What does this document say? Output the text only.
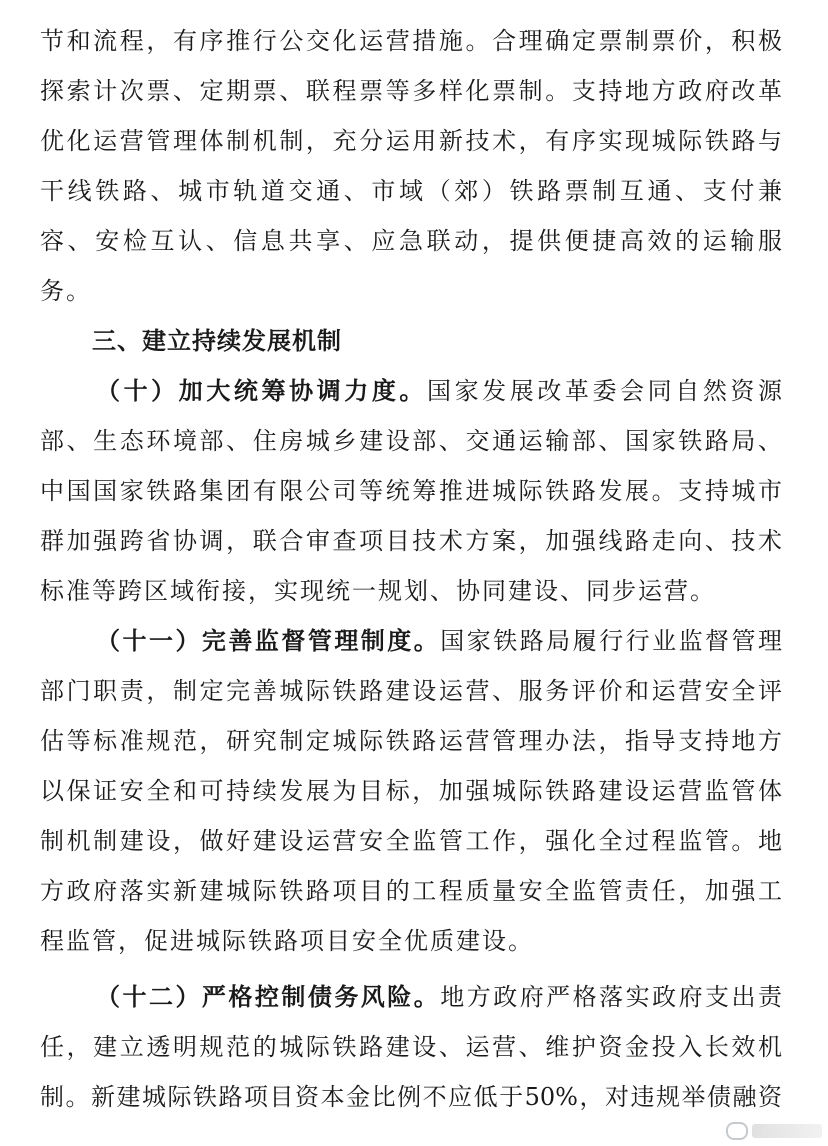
节和流程，有序推行公交化运营措施。合理确定票制票价，积极
探索计次票、定期票、联程票等多样化票制。支持地方政府改革
优化运营管理体制机制，充分运用新技术，有序实现城际铁路与
干线铁路、城市轨道交通、市域（郊）铁路票制互通、支付兼
容、安检互认、信息共享、应急联动，提供便捷高效的运输服
务。
三、建立持续发展机制
（十）加大统筹协调力度。国家发展改革委会同自然资源
部、生态环境部、住房城乡建设部、交通运输部、国家铁路局、
中国国家铁路集团有限公司等统筹推进城际铁路发展。支持城市
群加强跨省协调，联合审查项目技术方案，加强线路走向、技术
标准等跨区域衔接，实现统一规划、协同建设、同步运营。
（十一）完善监督管理制度。国家铁路局履行行业监督管理
部门职责，制定完善城际铁路建设运营、服务评价和运营安全评
估等标准规范，研究制定城际铁路运营管理办法，指导支持地方
以保证安全和可持续发展为目标，加强城际铁路建设运营监管体
制机制建设，做好建设运营安全监管工作，强化全过程监管。地
方政府落实新建城际铁路项目的工程质量安全监管责任，加强工
程监管，促进城际铁路项目安全优质建设。
（十二）严格控制债务风险。地方政府严格落实政府支出责
任，建立透明规范的城际铁路建设、运营、维护资金投入长效机
制。新建城际铁路项目资本金比例不应低于50%，对违规举债融资
